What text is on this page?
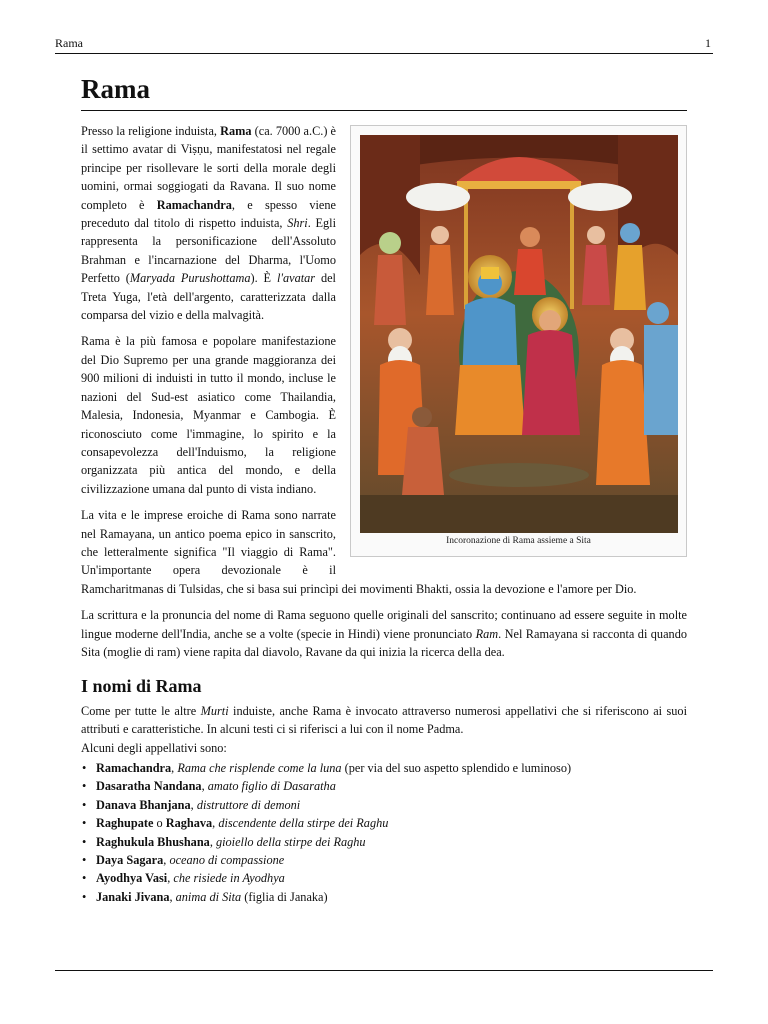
Rama	1
Rama
Incoronazione di Rama assieme a Sita

Presso la religione induista, Rama (ca. 7000 a.C.) è il settimo avatar di Viṣṇu, manifestatosi nel regale principe per risollevare le sorti della morale degli uomini, ormai soggiogati da Ravana. Il suo nome completo è Ramachandra, e spesso viene preceduto dal titolo di rispetto induista, Shri. Egli rappresenta la personificazione dell'Assoluto Brahman e l'incarnazione del Dharma, l'Uomo Perfetto (Maryada Purushottama). È l'avatar del Treta Yuga, l'età dell'argento, caratterizzata dalla comparsa del vizio e della malvagità.

Rama è la più famosa e popolare manifestazione del Dio Supremo per una grande maggioranza dei 900 milioni di induisti in tutto il mondo, incluse le nazioni del Sud-est asiatico come Thailandia, Malesia, Indonesia, Myanmar e Cambogia. È riconosciuto come l'immagine, lo spirito e la consapevolezza dell'Induismo, la religione organizzata più antica del mondo, e della civilizzazione umana dal punto di vista indiano.

La vita e le imprese eroiche di Rama sono narrate nel Ramayana, un antico poema epico in sanscrito, che letteralmente significa "Il viaggio di Rama". Un'importante opera devozionale è il Ramcharitmanas di Tulsidas, che si basa sui princìpi dei movimenti Bhakti, ossia la devozione e l'amore per Dio.

La scrittura e la pronuncia del nome di Rama seguono quelle originali del sanscrito; continuano ad essere seguite in molte lingue moderne dell'India, anche se a volte (specie in Hindi) viene pronunciato Ram. Nel Ramayana si racconta di quando Sita (moglie di ram) viene rapita dal diavolo, Ravane da qui inizia la ricerca della dea.

I nomi di Rama

Come per tutte le altre Murti induiste, anche Rama è invocato attraverso numerosi appellativi che si riferiscono ai suoi attributi e caratteristiche. In alcuni testi ci si riferisci a lui con il nome Padma.

Alcuni degli appellativi sono:
• Ramachandra, Rama che risplende come la luna (per via del suo aspetto splendido e luminoso)
• Dasaratha Nandana, amato figlio di Dasaratha
• Danava Bhanjana, distruttore di demoni
• Raghupate o Raghava, discendente della stirpe dei Raghu
• Raghukula Bhushana, gioiello della stirpe dei Raghu
• Daya Sagara, oceano di compassione
• Ayodhya Vasi, che risiede in Ayodhya
• Janaki Jivana, anima di Sita (figlia di Janaka)
